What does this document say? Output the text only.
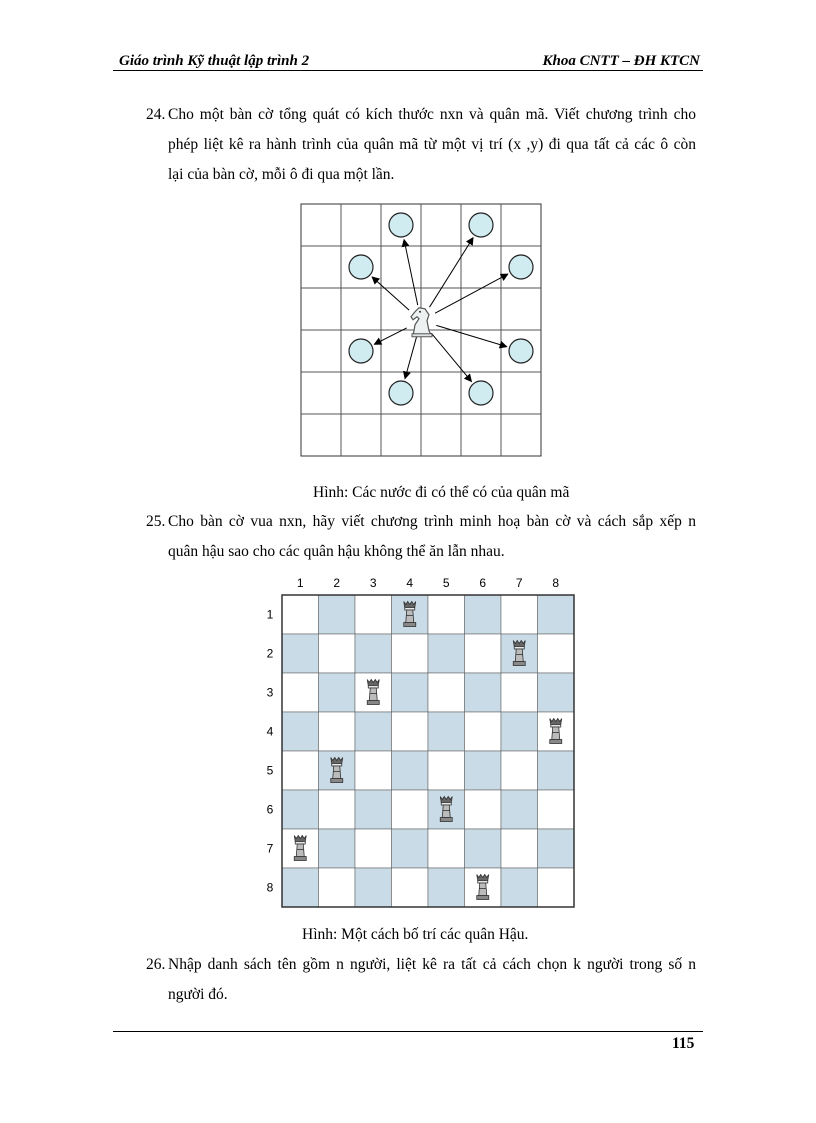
Giáo trình Kỹ thuật lập trình 2	Khoa CNTT – ĐH KTCN
24. Cho một bàn cờ tổng quát có kích thước nxn và quân mã. Viết chương trình cho
phép liệt kê ra hành trình của quân mã từ một vị trí (x ,y) đi qua tất cả các ô còn
lại của bàn cờ, mỗi ô đi qua một lần.
Hình: Các nước đi có thể có của quân mã
25. Cho bàn cờ vua nxn, hãy viết chương trình minh hoạ bàn cờ và cách sắp xếp n
quân hậu sao cho các quân hậu không thể ăn lẫn nhau.
1 2 3 4 5 6 7 8
1
2
3
4
5
6
7
8
Hình: Một cách bố trí các quân Hậu.
26. Nhập danh sách tên gồm n người, liệt kê ra tất cả cách chọn k người trong số n
người đó.
115
